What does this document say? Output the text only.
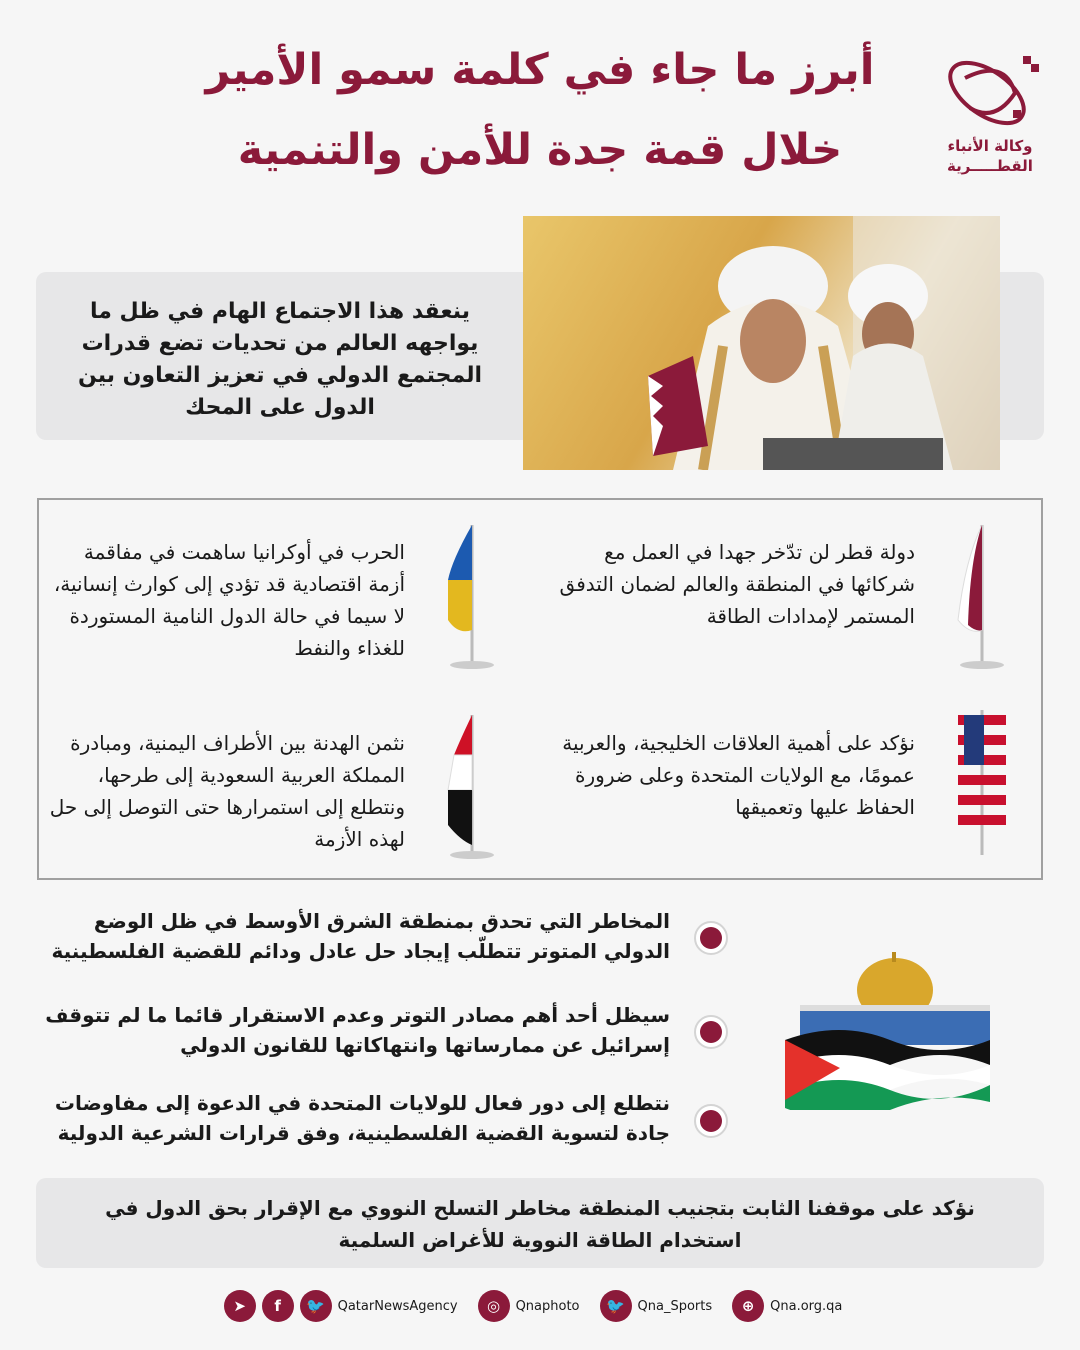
أبرز ما جاء في كلمة سمو الأمير
خلال قمة جدة للأمن والتنمية	وكالة الأنباء
القطـــــرية
ينعقد هذا الاجتماع الهام في ظل ما يواجهه العالم من تحديات تضع قدرات المجتمع الدولي في تعزيز التعاون بين الدول على المحك
دولة قطر لن تدّخر جهدا في العمل مع شركائها في المنطقة والعالم لضمان التدفق المستمر لإمدادات الطاقة
الحرب في أوكرانيا ساهمت في مفاقمة أزمة اقتصادية قد تؤدي إلى كوارث إنسانية، لا سيما في حالة الدول النامية المستوردة للغذاء والنفط
نؤكد على أهمية العلاقات الخليجية، والعربية عمومًا، مع الولايات المتحدة وعلى ضرورة الحفاظ عليها وتعميقها
نثمن الهدنة بين الأطراف اليمنية، ومبادرة المملكة العربية السعودية إلى طرحها، ونتطلع إلى استمرارها حتى التوصل إلى حل لهذه الأزمة
نؤكد على موقفنا الثابت بتجنيب المنطقة مخاطر التسلح النووي مع الإقرار بحق الدول في استخدام الطاقة النووية للأغراض السلمية
المخاطر التي تحدق بمنطقة الشرق الأوسط في ظل الوضع الدولي المتوتر تتطلّب إيجاد حل عادل ودائم للقضية الفلسطينية
سيظل أحد أهم مصادر التوتر وعدم الاستقرار قائما ما لم تتوقف إسرائيل عن ممارساتها وانتهاكاتها للقانون الدولي
نتطلع إلى دور فعال للولايات المتحدة في الدعوة إلى مفاوضات جادة لتسوية القضية الفلسطينية، وفق قرارات الشرعية الدولية
➤	f	🐦 QatarNewsAgency	◎	Qnaphoto	🐦 Qna_Sports	⊕	Qna.org.qa
